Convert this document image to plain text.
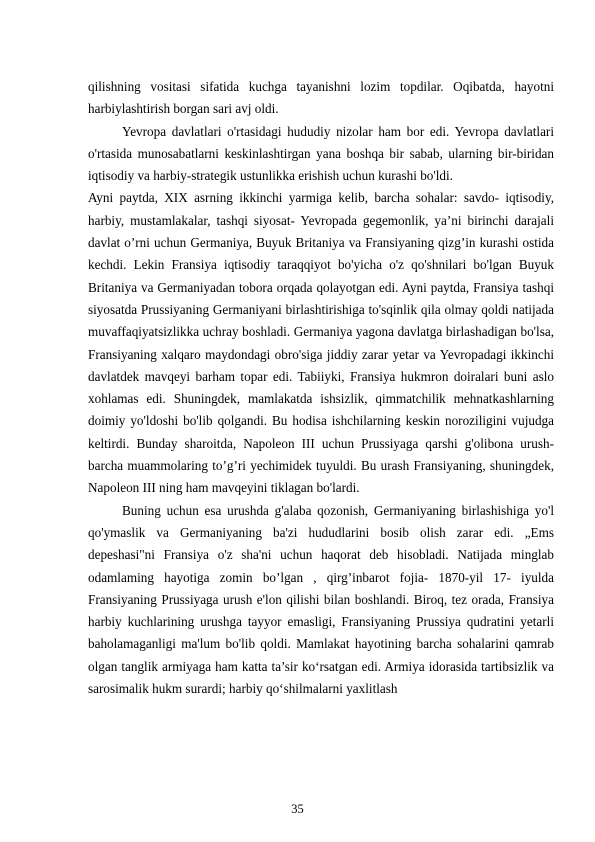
qilishning vositasi sifatida kuchga tayanishni lozim topdilar. Oqibatda, hayotni harbiylashtirish borgan sari avj oldi.

Yevropa davlatlari o'rtasidagi hududiy nizolar ham bor edi. Yevropa davlatlari o'rtasida munosabatlarni keskinlashtirgan yana boshqa bir sabab, ularning bir-biridan iqtisodiy va harbiy-strategik ustunlikka erishish uchun kurashi bo'ldi.

Ayni paytda, XIX asrning ikkinchi yarmiga kelib, barcha sohalar: savdo- iqtisodiy, harbiy, mustamlakalar, tashqi siyosat- Yevropada gegemonlik, ya’ni birinchi darajali davlat o’rni uchun Germaniya, Buyuk Britaniya va Fransiyaning qizg’in kurashi ostida kechdi. Lekin Fransiya iqtisodiy taraqqiyot bo'yicha o'z qo'shnilari bo'lgan Buyuk Britaniya va Germaniyadan tobora orqada qolayotgan edi. Ayni paytda, Fransiya tashqi siyosatda Prussiyaning Germaniyani birlashtirishiga to'sqinlik qila olmay qoldi natijada muvaffaqiyatsizlikka uchray boshladi. Germaniya yagona davlatga birlashadigan bo'lsa, Fransiyaning xalqaro maydondagi obro'siga jiddiy zarar yetar va Yevropadagi ikkinchi davlatdek mavqeyi barham topar edi. Tabiiyki, Fransiya hukmron doiralari buni aslo xohlamas edi. Shuningdek, mamlakatda ishsizlik, qimmatchilik mehnatkashlarning doimiy yo'ldoshi bo'lib qolgandi. Bu hodisa ishchilarning keskin noroziligini vujudga keltirdi. Bunday sharoitda, Napoleon III uchun Prussiyaga qarshi g'olibona urush-barcha muammolaring to’g’ri yechimidek tuyuldi. Bu urash Fransiyaning, shuningdek, Napoleon III ning ham mavqeyini tiklagan bo'lardi.

Buning uchun esa urushda g'alaba qozonish, Germaniyaning birlashishiga yo'l qo'ymaslik va Germaniyaning ba'zi hududlarini bosib olish zarar edi. „Ems depeshasi"ni Fransiya o'z sha'ni uchun haqorat deb hisobladi. Natijada minglab odamlaming hayotiga zomin bo’lgan , qirg’inbarot fojia- 1870-yil 17- iyulda Fransiyaning Prussiyaga urush e'lon qilishi bilan boshlandi. Biroq, tez orada, Fransiya harbiy kuchlarining urushga tayyor emasligi, Fransiyaning Prussiya qudratini yetarli baholamaganligi ma'lum bo'lib qoldi. Mamlakat hayotining barcha sohalarini qamrab olgan tanglik armiyaga ham katta ta’sir ko‘rsatgan edi. Armiya idorasida tartibsizlik va sarosimalik hukm surardi; harbiy qo‘shilmalarni yaxlitlash

35
